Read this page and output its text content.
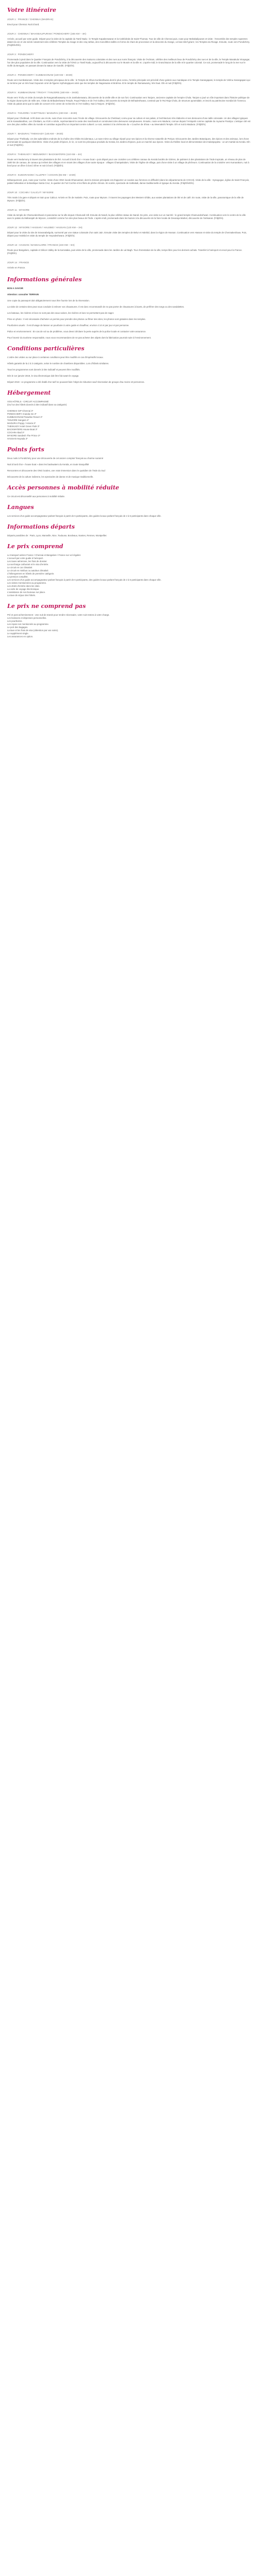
Votre itinéraire
JOUR 1 : FRANCE / CHENNAI (MADRAS)

Envol pour Chennai. Nuit à bord.

JOUR 2 : CHENNAI / MAHABALIPURAM / PONDICHERY (165 KM – 4H)

Arrivée, accueil par votre guide. Départ pour la visite de la capitale du Tamil Nadu : le Temple Kapaleeswarar et la Cathédrale de Saint-Thomas. Tour de ville de Chennai puis, route pour Mahabalipuram et visite : l'ensemble des temples rupestres datant du vie et viie siècle notamment des célèbres Temples du rivage et des cinq rathas, des monolithes taillés en forme de chars de procession et la descente du Gange, un bas-relief géant ; les Temples du Rivage. Ensuite, route vers Pondichéry. (F/dj/Dîn/Dîn).

JOUR 3 : PONDICHERY

Promenade à pied dans le Quartier Français de Pondichéry, à la découverte des maisons coloniales et des rues aux noms français. Visite de l'Ashram, célèbre des meilleurs lieux de Pondichéry des rues et de la ville, le Temple Manakula Vinayagar, l'un des plus populaires de la ville. Continuation vers la visite de l'ONG Le Tamil Nadu, aujourd'hui à découverte sur le Musée et la ville et. L'après-midi, le Grand Bazar de la ville et le quartier colonial. Ce soir, promenade le long de la mer sur le Golfe du Bengale, en passant devant la statue de Gandhi. (F/dj/Dîn).

JOUR 4 : PONDICHERY / KUMBAKONAM (130 KM – 3H30)

Route vers Kumbakonam. Visite des 4 temples principaux de la ville : le Temple de Shiva Kumbeshwara dont le plus connu, l'entrée principale est précédé d'une galerie aux mandapas et le Temple Sarangapani, le temple de Vishnu Sarangapani qui se termine par un très haut Gopuram orné de figures mythologiques ainsi que les temples de Nageswara et Brahma. Et le temple de Ramaswamy, très haut. Dîn et nuit (F/dj/Dîn).

JOUR 5 : KUMBAKONAM / TRICHY / TANJORE (180 KM – 3H30)

Route vers Trichy et visite du temple de Ranganathaswamy et de Jambukeswara, découverte de la vieille ville et de son fort. Continuation vers Tanjore, ancienne capitale de l'empire Chola. Tanjore a joué un rôle important dans l'histoire politique de la région durant près de mille ans. Visite du Bribadeshwara Temple, Royal Palace et de l'Art Gallery. Découverte du temple de Brihadeshwara, construit par le Roi Raja Chola, de structure pyramidale, et inscrit au patrimoine mondial de l'Unesco. Visite du palais ainsi que la salle de concert et le centre de recherche et l'Art Gallery. Nuit à Tanjore. (F/dj/Dîn).

JOUR 6 : TANJORE / CHETTINAD / MADURAI (230 KM – 4H30)

Départ pour Chettinad. Arrêt dans une école, suivi d'une rencontre avec l'école de village. Découverte du Chettinad, connu pour sa culture et ses palais, à l'architecture très élaborée et ses demeures d'une taille colossale. Un des villages typiques est le Kanadukathan, Les Chettiars, au XVIII e siècle, représentaient la caste des marchands et construisent des demeures somptueuses. Ensuite, route vers Madurai, connue depuis l'Antiquité comme capitale du royaume Pandya. L'antique cité est une des plus vieilles villes du monde et constitue aujourd'hui un important centre culturel. Le soir, assistez à la cérémonie du « Coucher de Shiva » au Meenakshi Temple. Dîn et nuit à Madurai. (F/dj/Dîn).

JOUR 7 : MADURAI / THEKKADY (145 KM – 3H30)

Départ pour Thekkady. Un des splendides endroits de la chaîne des Ghâts Occidentaux, La route mène au village réputé pour ses épices et la réserve naturelle de Periyar. Découverte des Jardins Botaniques, des épices et des animaux, lors d'une promenade de quelques kilomètres. Visite d'un jardin d'épices, le riz, ce sont les principaux produits du Kerala, les Jardins d'épices, puis un marché aux épices. Visite du théâtre local et démonstration des Kalaripayattu - un art martial du Kerala. Dîn et nuit (F/dj/Dîn).

JOUR 8 : THEKKADY / NEDUMONY / BACKWATERS (110 KM – 4H)

Route vers Nedumony à travers des plantations de thé. Accueil à bord d'un « House boat » puis départ pour une croisière Les célèbres canaux du Kerala bordés de rizières, de palmiers à des plantations de l'Inde tropicale, un réseau de plus de 1500 km de canaux, de canaux qui relient des villages et en vivant des villages d'une autre époque : villages Champakulam, Visite de l'église de village, puis d'une visite à un village de pêcheurs. Continuation de la croisière vers Kumarakom, nuit à bord pour un dîner à bord. Dîner et nuit à bord. (F/dj/Dîn).

JOUR 9 : KUMARAKOM / ALLEPEY / COCHIN (65 KM – 1H30)

Débarquement, puis, route pour Cochin. Visite d'une ONG locale Dhanvantari, dont la mission principale est d'apporter un soutien aux femmes en difficulté (dans les départements de COCHI). Visite de la ville : Synagogue, église de Saint-François, palais hollandais et la Basilique Santa Cruz, le quartier de Fort Cochin et les filets de pêche chinois. En soirée, spectacle de Kathakali, danse traditionnelle et typique du Kerala. (F/dj/Dîn/Dîn).

JOUR 10 : COCHIN / CALICUT / MYSORE

Très matin à la gare et départ en train pour Calicut. Arrivée en fin de matinée. Puis, route pour Mysore. À travers les paysages des Western Ghâts, aux vastes plantations de thé et de café. En route, visite de la ville, panoramique de la ville de Mysore. (F/dj/Dîn).

JOUR 11 : MYSORE

Visite du temple de Chamundeshwari et panorama sur la ville depuis Chamundi Hill. Ensuite de Nandi, la plus célèbre statue de Nandi. De près, une visite sur un marché : le grand temple Chamundeshwari. Continuation vers le centre de la ville avec le palais du Maharajah de Mysore, considéré comme l'un des plus beaux de l'Inde. L'après-midi, promenade dans les bazars à la découverte de la foire locale de Devaraja Market, découverte de l'artisanat. (F/dj/Dîn).

JOUR 12 : MYSORE / HASSAN / HALEBID / HASSAN (120 KM – 3H)

Départ pour la visite du site de Sravanabelgola, surmonté par une statue colossale d'un saint Jain. Ensuite visite des temples de Belur et Halebid, dans la région de Hassan. Continuation vers Hassan et visite du temple de Chennakeshava. Puis, départ pour Halebid et visite du temple de Hoysaleshwara. (F/dj/Dîn).

JOUR 13 : HASSAN / BANGALORE / FRANCE (240 KM – 5H)

Route pour Bangalore, capitale et Silicon Valley de la Karnataka, puis visite de la ville, promenade dans les Jardins de Lal Bagh. Tour d'orientation de la ville, temps libre pour les derniers achats. Transfert à l'aéroport et envol pour la France. (F/dj/Dîn).

JOUR 14 : FRANCE

Arrivée en France.

Informations générales

BON A SAVOIR

Attention: consulter TERRAIN

Une copie du passeport doit obligatoirement nous être fournie lors de la réservation.

La visite de certains sites peut nous conduire à enlever vos chaussures. Il est donc recommandé de ne pas porter de chaussures à lacets, de préférer des tongs ou des sandalettes.

Les bateaux, les rivières et lacs ne sont pas des eaux saines, les rivières et lacs ne permettent pas de nager.

Prise en photo : Il est nécessaire d'acheter un permis pour prendre des photos ou filmer des sites, les photos sont gratuites dans les temples.

Pourboires usuels : il est d'usage de laisser un pourboire à votre guide et chauffeur, environ 4 à 5 € par jour et par personne.

Police et environnement : En cas de vol ou de problème, vous devez déclarer la perte auprès de la police locale et contacter votre assurance.

Pour l'avenir du tourisme responsable, nous vous recommandons de ne pas acheter des objets dont la fabrication pourrait nuire à l'environnement.

Conditions particulières

L'ordre des visites ou sur place à certaines conditions peut être modifié en cas d'impératifs locaux.

Hôtels garantis de la 2 à 3 catégorie, selon le nombre de chambres disponibles. Lors d'hôtels similaires.

Tous les programmes sont donnés à titre indicatif et peuvent être modifiés.

Dès le 1er janvier 2019, le visa électronique doit être fait avant le voyage.

Départ 2019 : ce programme a été établi d'un tarif ne pouvant faire l'objet de réduction sauf réservation de groupe d'au moins 10 personnes.

Hébergement

VOS HÔTELS - CIRCUIT ACCOMPAGNÉ

(Ou l'un des hôtels donnés à titre indicatif dans sa catégorie)

CHENNAI GIP Chennai 3*

PONDICHERY Ananda Inn 3*

KUMBAKONAM Paradise Resort 3*

TANJORE Sangam 4*

MADURAI Poppy / Astoria 3*

THEKKADY Hotel Green Park 3*

BACKWATERS House Boat 3*

COCHIN Abad 3*

MYSORE Sandesh The Prince 3*

HASSAN Hoysala 3*

Points forts

Deux nuits à Pondichéry pour une découverte de cet ancien comptoir français au charme suranné

Nuit à bord d'un « house boat » dans les backwaters du Kerala, en toute tranquillité

Rencontres et découverte des ONG locales, une vraie immersion dans le quotidien de l'Inde du Sud

Découverte de la culture indienne, les spectacles de danse et de musique traditionnelle.

Accès personnes à mobilité réduite

Ce circuit est déconseillé aux personnes à mobilité réduite.

Langues

Les services d'un guide accompagnateur parlant français à partir de 6 participants, des guides locaux parlant français de 2 à 5 participants dans chaque ville.

Informations départs

Départs possibles de : Paris, Lyon, Marseille, Nice, Toulouse, Bordeaux, Nantes, Rennes, Montpellier.

Le prix comprend

Le transport aérien France / Chennai et Bangalore / France sur vol régulier.

L'accueil par votre guide à l'aéroport.

Les taxes aériennes, les frais de dossier.

La surcharge carburant et le visa d'entrée.

Le circuit en car climatisé.

Le circuit en minibus ou autobus climatisé.

L'hébergement en hôtels de première catégorie.

La pension complète.

Les services d'un guide accompagnateur parlant français à partir de 6 participants, des guides locaux parlant français de 2 à 5 participants dans chaque ville.

Les visites mentionnées au programme.

Les droits d'entrée dans les sites.

La carte de voyage électronique.

L'assistance de nos bureaux sur place.

La taxe de séjour des hôtels.

Le prix ne comprend pas

Pré et post acheminement : Une nuit de transit pour rendre nécessaire, votre nuit restera à votre charge.

Les boissons et dépenses personnelles.

Les pourboires.

Les repas non mentionnés au programme.

Le port des bagages.

La taxe et les frais de visa (obtention par vos soins).

Le supplément single.

Les assurances en option.
